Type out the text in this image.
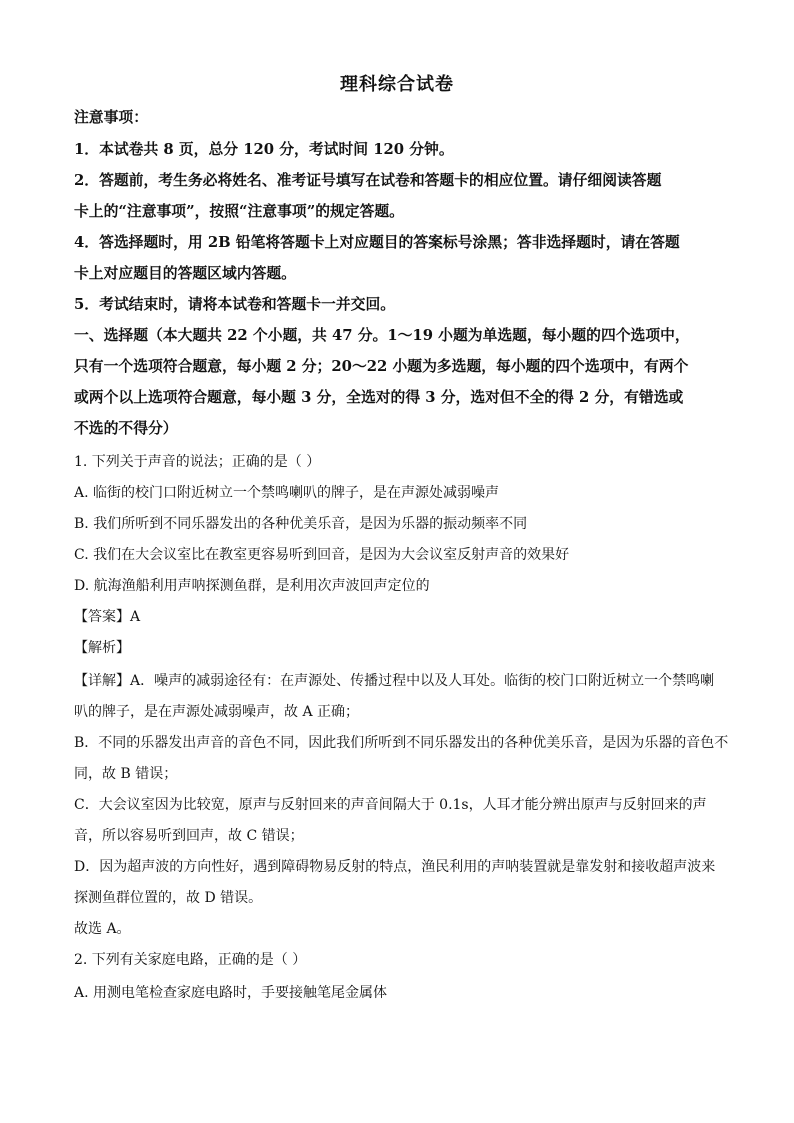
理科综合试卷
注意事项：
1．本试卷共 8 页，总分 120 分，考试时间 120 分钟。
2．答题前，考生务必将姓名、准考证号填写在试卷和答题卡的相应位置。请仔细阅读答题
卡上的“注意事项”，按照“注意事项”的规定答题。
4．答选择题时，用 2B 铅笔将答题卡上对应题目的答案标号涂黑；答非选择题时，请在答题
卡上对应题目的答题区域内答题。
5．考试结束时，请将本试卷和答题卡一并交回。
一、选择题（本大题共 22 个小题，共 47 分。1～19 小题为单选题，每小题的四个选项中，
只有一个选项符合题意，每小题 2 分；20～22 小题为多选题，每小题的四个选项中，有两个
或两个以上选项符合题意，每小题 3 分，全选对的得 3 分，选对但不全的得 2 分，有错选或
不选的不得分）
1. 下列关于声音的说法；正确的是（ ）
A. 临街的校门口附近树立一个禁鸣喇叭的牌子，是在声源处减弱噪声
B. 我们所听到不同乐器发出的各种优美乐音，是因为乐器的振动频率不同
C. 我们在大会议室比在教室更容易听到回音，是因为大会议室反射声音的效果好
D. 航海渔船利用声呐探测鱼群，是利用次声波回声定位的
【答案】A
【解析】
【详解】A．噪声的减弱途径有：在声源处、传播过程中以及人耳处。临街的校门口附近树立一个禁鸣喇
叭的牌子，是在声源处减弱噪声，故 A 正确；
B．不同的乐器发出声音的音色不同，因此我们所听到不同乐器发出的各种优美乐音，是因为乐器的音色不
同，故 B 错误；
C．大会议室因为比较宽，原声与反射回来的声音间隔大于 0.1s，人耳才能分辨出原声与反射回来的声
音，所以容易听到回声，故 C 错误；
D．因为超声波的方向性好，遇到障碍物易反射的特点，渔民利用的声呐装置就是靠发射和接收超声波来
探测鱼群位置的，故 D 错误。
故选 A。
2. 下列有关家庭电路，正确的是（ ）
A. 用测电笔检查家庭电路时，手要接触笔尾金属体
